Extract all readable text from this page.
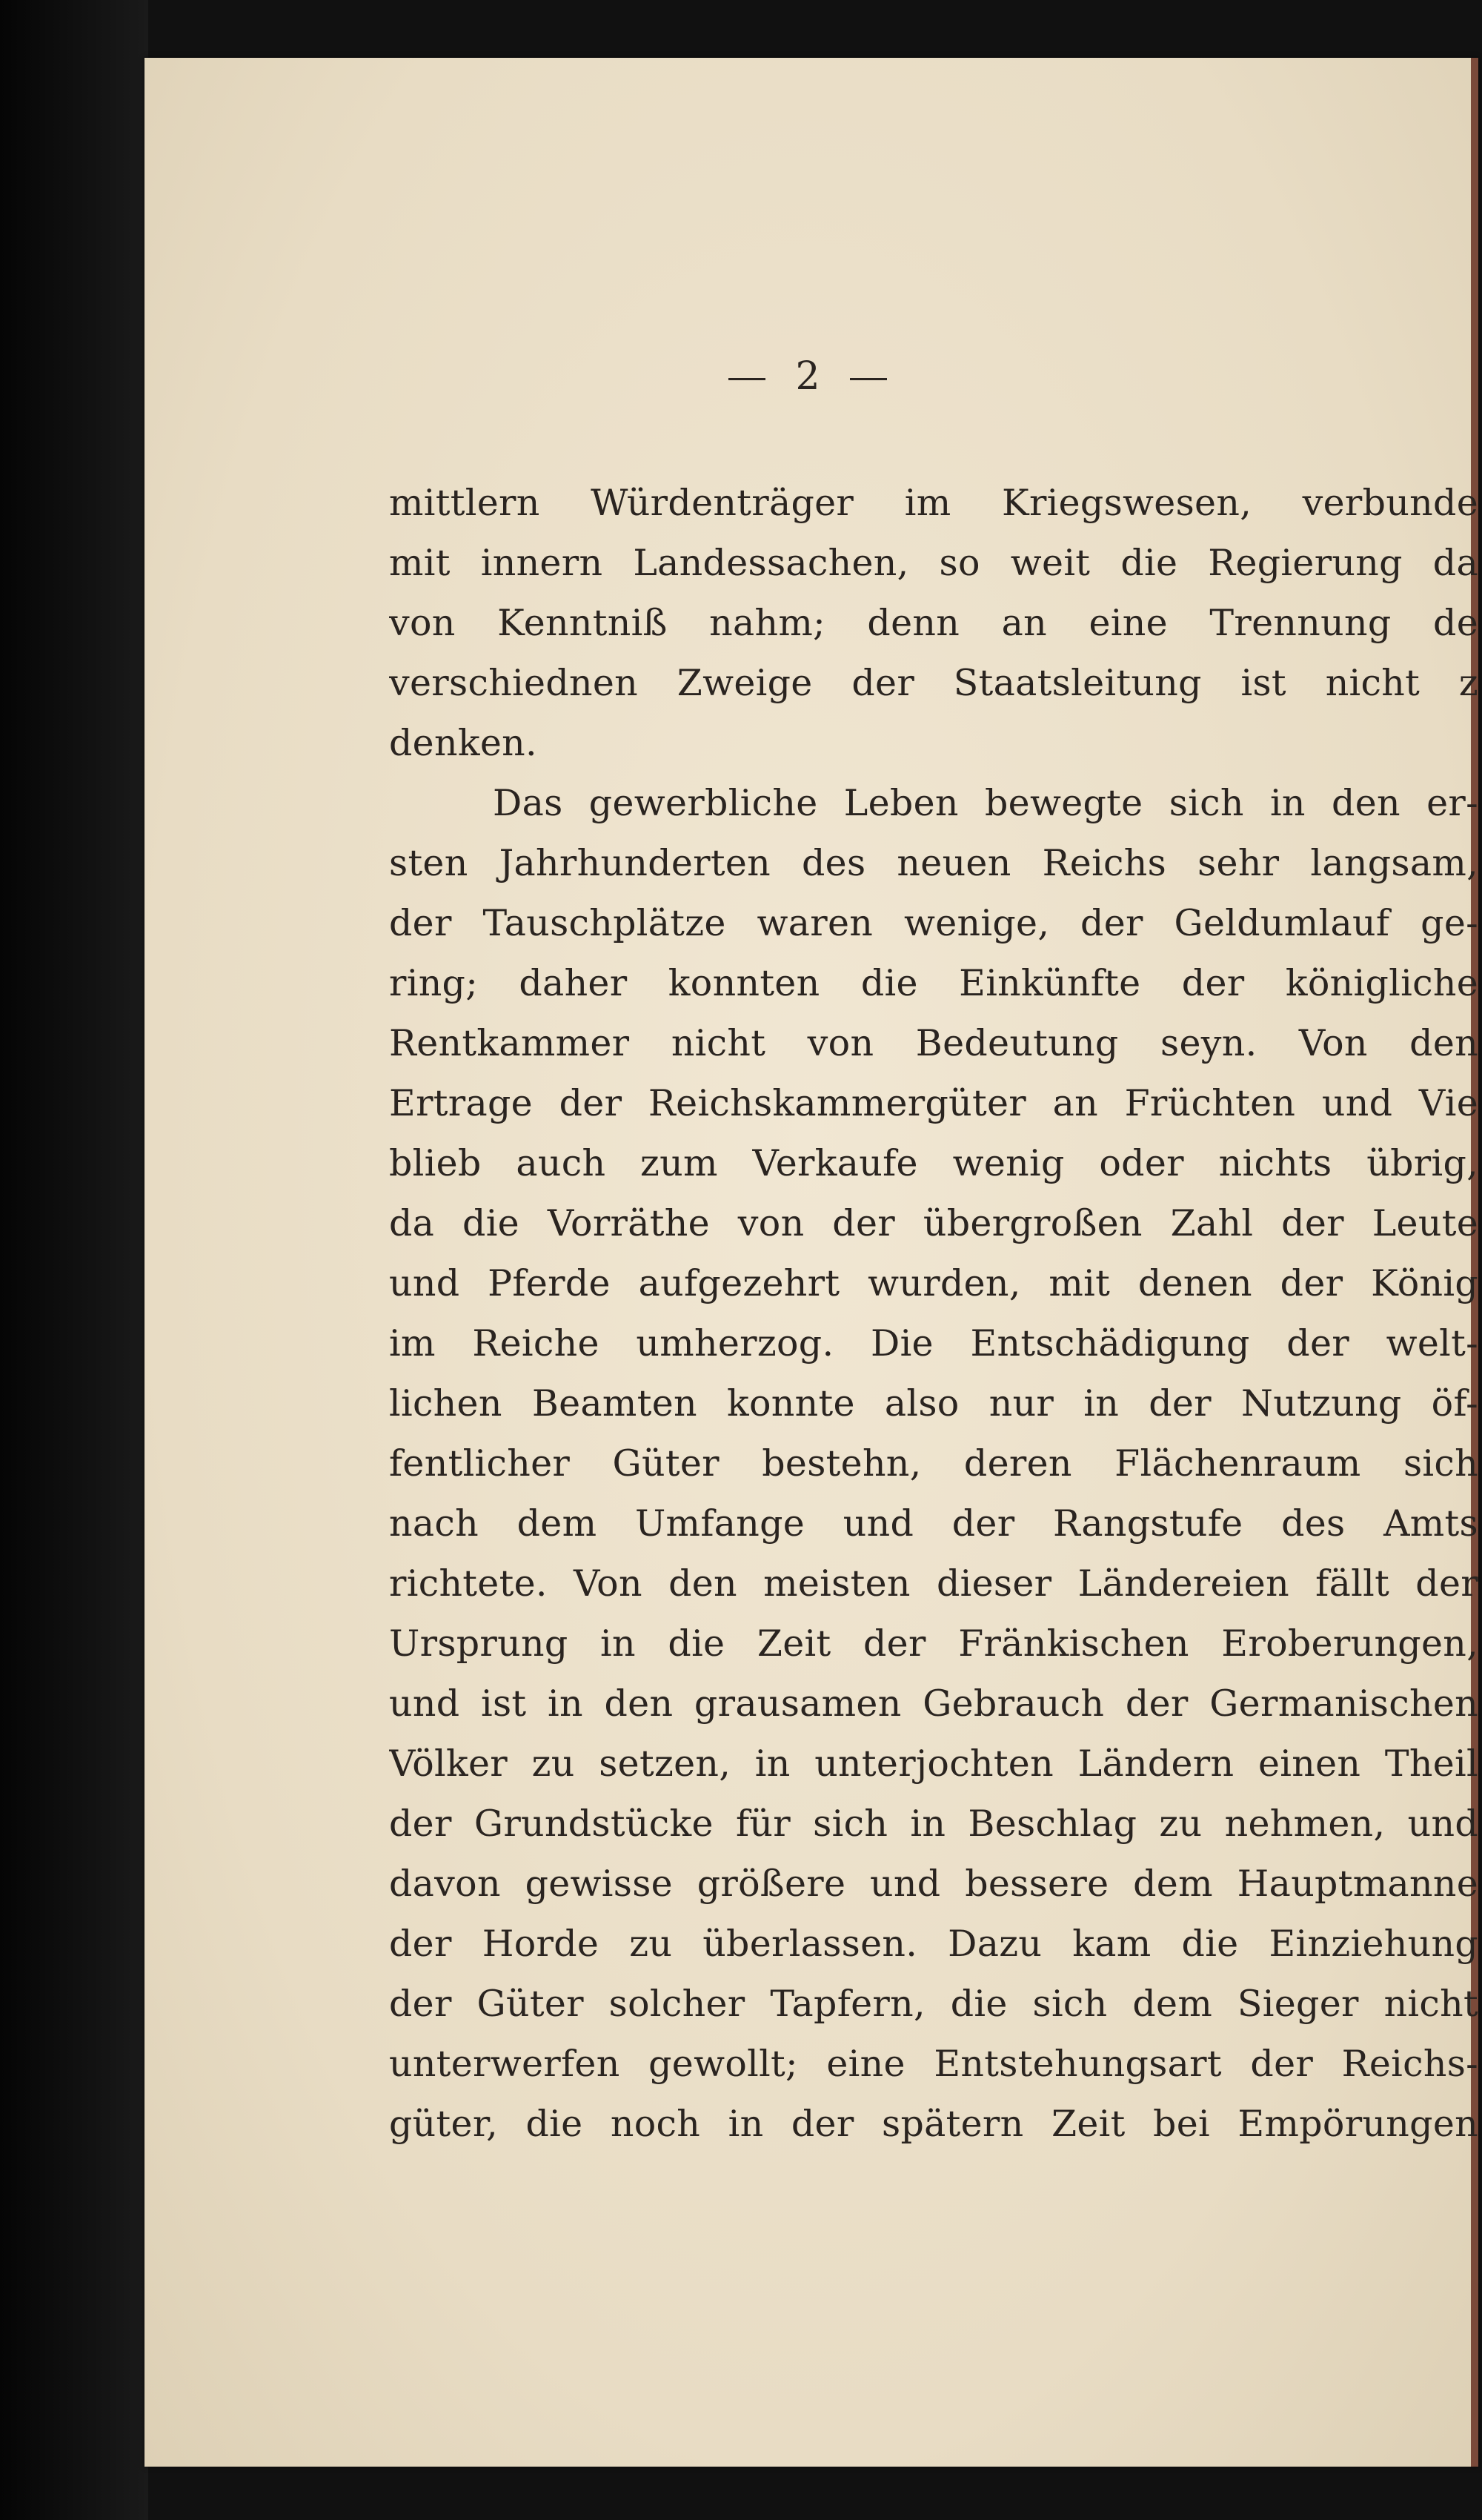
2
mittlern Würdenträger im Kriegswesen, verbunde
mit innern Landessachen, so weit die Regierung da
von Kenntniß nahm; denn an eine Trennung de
verschiednen Zweige der Staatsleitung ist nicht z
denken.
Das gewerbliche Leben bewegte sich in den er-
sten Jahrhunderten des neuen Reichs sehr langsam,
der Tauschplätze waren wenige, der Geldumlauf ge-
ring; daher konnten die Einkünfte der königliche
Rentkammer nicht von Bedeutung seyn. Von den
Ertrage der Reichskammergüter an Früchten und Vie
blieb auch zum Verkaufe wenig oder nichts übrig,
da die Vorräthe von der übergroßen Zahl der Leute
und Pferde aufgezehrt wurden, mit denen der König
im Reiche umherzog. Die Entschädigung der welt-
lichen Beamten konnte also nur in der Nutzung öf-
fentlicher Güter bestehn, deren Flächenraum sich
nach dem Umfange und der Rangstufe des Amts
richtete. Von den meisten dieser Ländereien fällt der
Ursprung in die Zeit der Fränkischen Eroberungen,
und ist in den grausamen Gebrauch der Germanischen
Völker zu setzen, in unterjochten Ländern einen Theil
der Grundstücke für sich in Beschlag zu nehmen, und
davon gewisse größere und bessere dem Hauptmanne
der Horde zu überlassen. Dazu kam die Einziehung
der Güter solcher Tapfern, die sich dem Sieger nicht
unterwerfen gewollt; eine Entstehungsart der Reichs-
güter, die noch in der spätern Zeit bei Empörungen
